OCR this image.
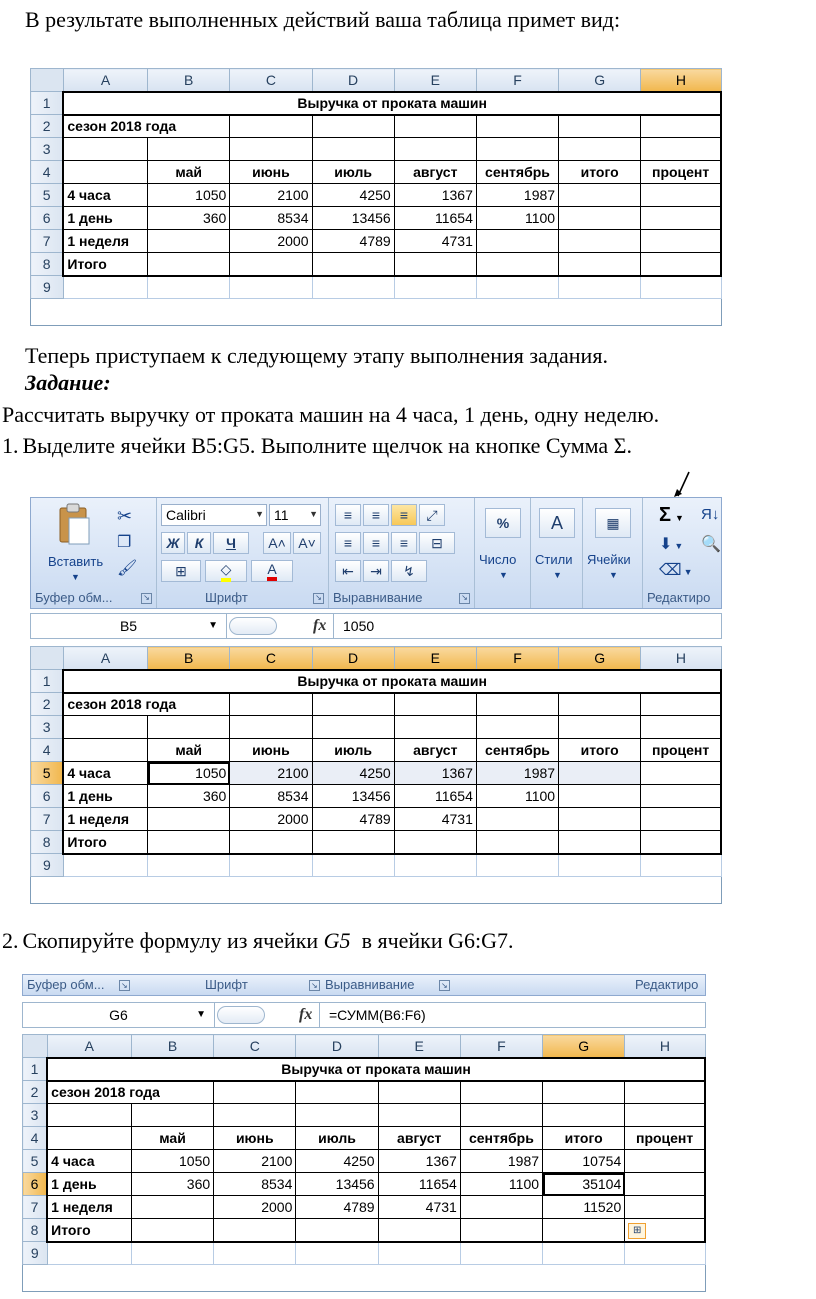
В результате выполненных действий ваша таблица примет вид:

	A	B	C	D	E	F	G	H
1	Выручка от проката машин							
2	сезон 2018 года							
3								
4		май	июнь	июль	август	сентябрь	итого	процент
5	4 часа	1050	2100	4250	1367	1987		
6	1 день	360	8534	13456	11654	1100		
7	1 неделя		2000	4789	4731			
8	Итого							
9								

Теперь приступаем к следующему этапу выполнения задания.

Задание:

Рассчитать выручку от проката машин на 4 часа, 1 день, одну неделю.

1. Выделите ячейки B5:G5. Выполните щелчок на кнопке Сумма Σ.

Вставить
▼
✂
❐
🖌
Буфер обм...	↘
Calibri	▼ 11 ▼
Ж К Ч A˄ A˅
⊞ ◇	A
Шрифт	↘
≡ ≡ ≡ ⤢
≡ ≡ ≡ ⊟
⇤ ⇥ ↯
Выравнивание	↘
%
Число
▼
A
Стили
▼
▦
Ячейки
▼
Σ ▼ Я↓
⬇ ▼ 🔍
⌫ ▼
Редактиро
B5	▼	fx 1050
	A	B	C	D	E	F	G	H
1	Выручка от проката машин							
2	сезон 2018 года							
3								
4		май	июнь	июль	август	сентябрь	итого	процент
5	4 часа	1050	2100	4250	1367	1987		
6	1 день	360	8534	13456	11654	1100		
7	1 неделя		2000	4789	4731			
8	Итого							
9								

2. Скопируйте формулу из ячейки G5  в ячейки G6:G7.

Буфер обм... ↘	Шрифт	↘ Выравнивание	↘	Редактиро
G6	▼	fx =СУММ(B6:F6)
	A	B	C	D	E	F	G	H
1	Выручка от проката машин							
2	сезон 2018 года							
3								
4		май	июнь	июль	август	сентябрь	итого	процент
5	4 часа	1050	2100	4250	1367	1987	10754	
6	1 день	360	8534	13456	11654	1100	35104	
7	1 неделя		2000	4789	4731		11520	
8	Итого							⊞
9								
